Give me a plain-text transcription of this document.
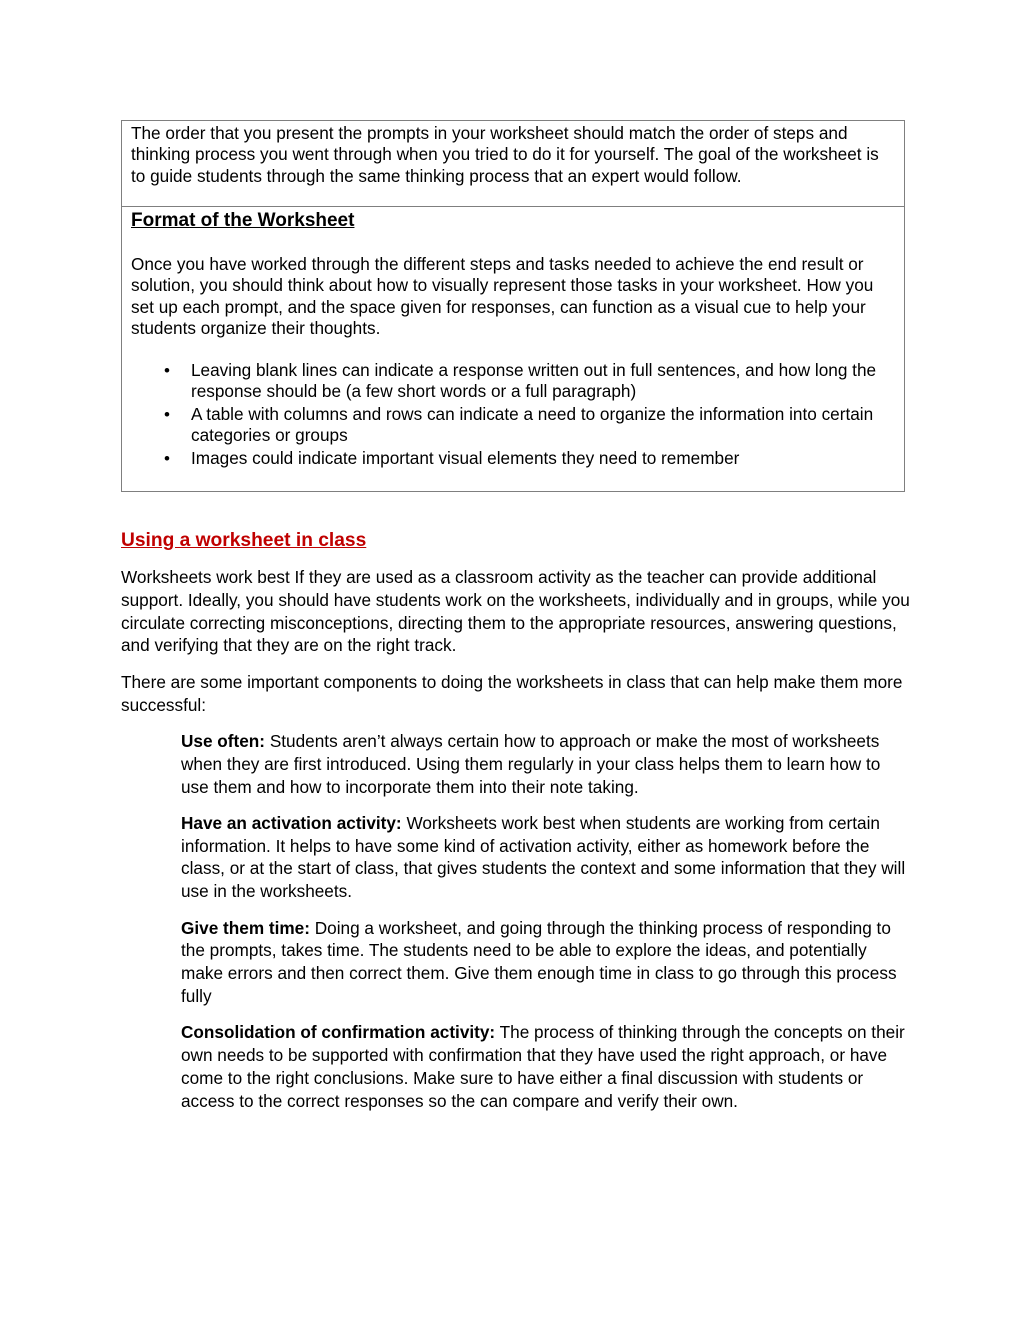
The order that you present the prompts in your worksheet should match the order of steps and thinking process you went through when you tried to do it for yourself. The goal of the worksheet is to guide students through the same thinking process that an expert would follow.

Format of the Worksheet

Once you have worked through the different steps and tasks needed to achieve the end result or solution, you should think about how to visually represent those tasks in your worksheet. How you set up each prompt, and the space given for responses, can function as a visual cue to help your students organize their thoughts.

• Leaving blank lines can indicate a response written out in full sentences, and how long the response should be (a few short words or a full paragraph)
• A table with columns and rows can indicate a need to organize the information into certain categories or groups
• Images could indicate important visual elements they need to remember
Using a worksheet in class

Worksheets work best If they are used as a classroom activity as the teacher can provide additional support. Ideally, you should have students work on the worksheets, individually and in groups, while you circulate correcting misconceptions, directing them to the appropriate resources, answering questions, and verifying that they are on the right track.

There are some important components to doing the worksheets in class that can help make them more successful:

Use often: Students aren’t always certain how to approach or make the most of worksheets when they are first introduced. Using them regularly in your class helps them to learn how to use them and how to incorporate them into their note taking.

Have an activation activity: Worksheets work best when students are working from certain information. It helps to have some kind of activation activity, either as homework before the class, or at the start of class, that gives students the context and some information that they will use in the worksheets.

Give them time: Doing a worksheet, and going through the thinking process of responding to the prompts, takes time. The students need to be able to explore the ideas, and potentially make errors and then correct them. Give them enough time in class to go through this process fully

Consolidation of confirmation activity: The process of thinking through the concepts on their own needs to be supported with confirmation that they have used the right approach, or have come to the right conclusions. Make sure to have either a final discussion with students or access to the correct responses so the can compare and verify their own.
